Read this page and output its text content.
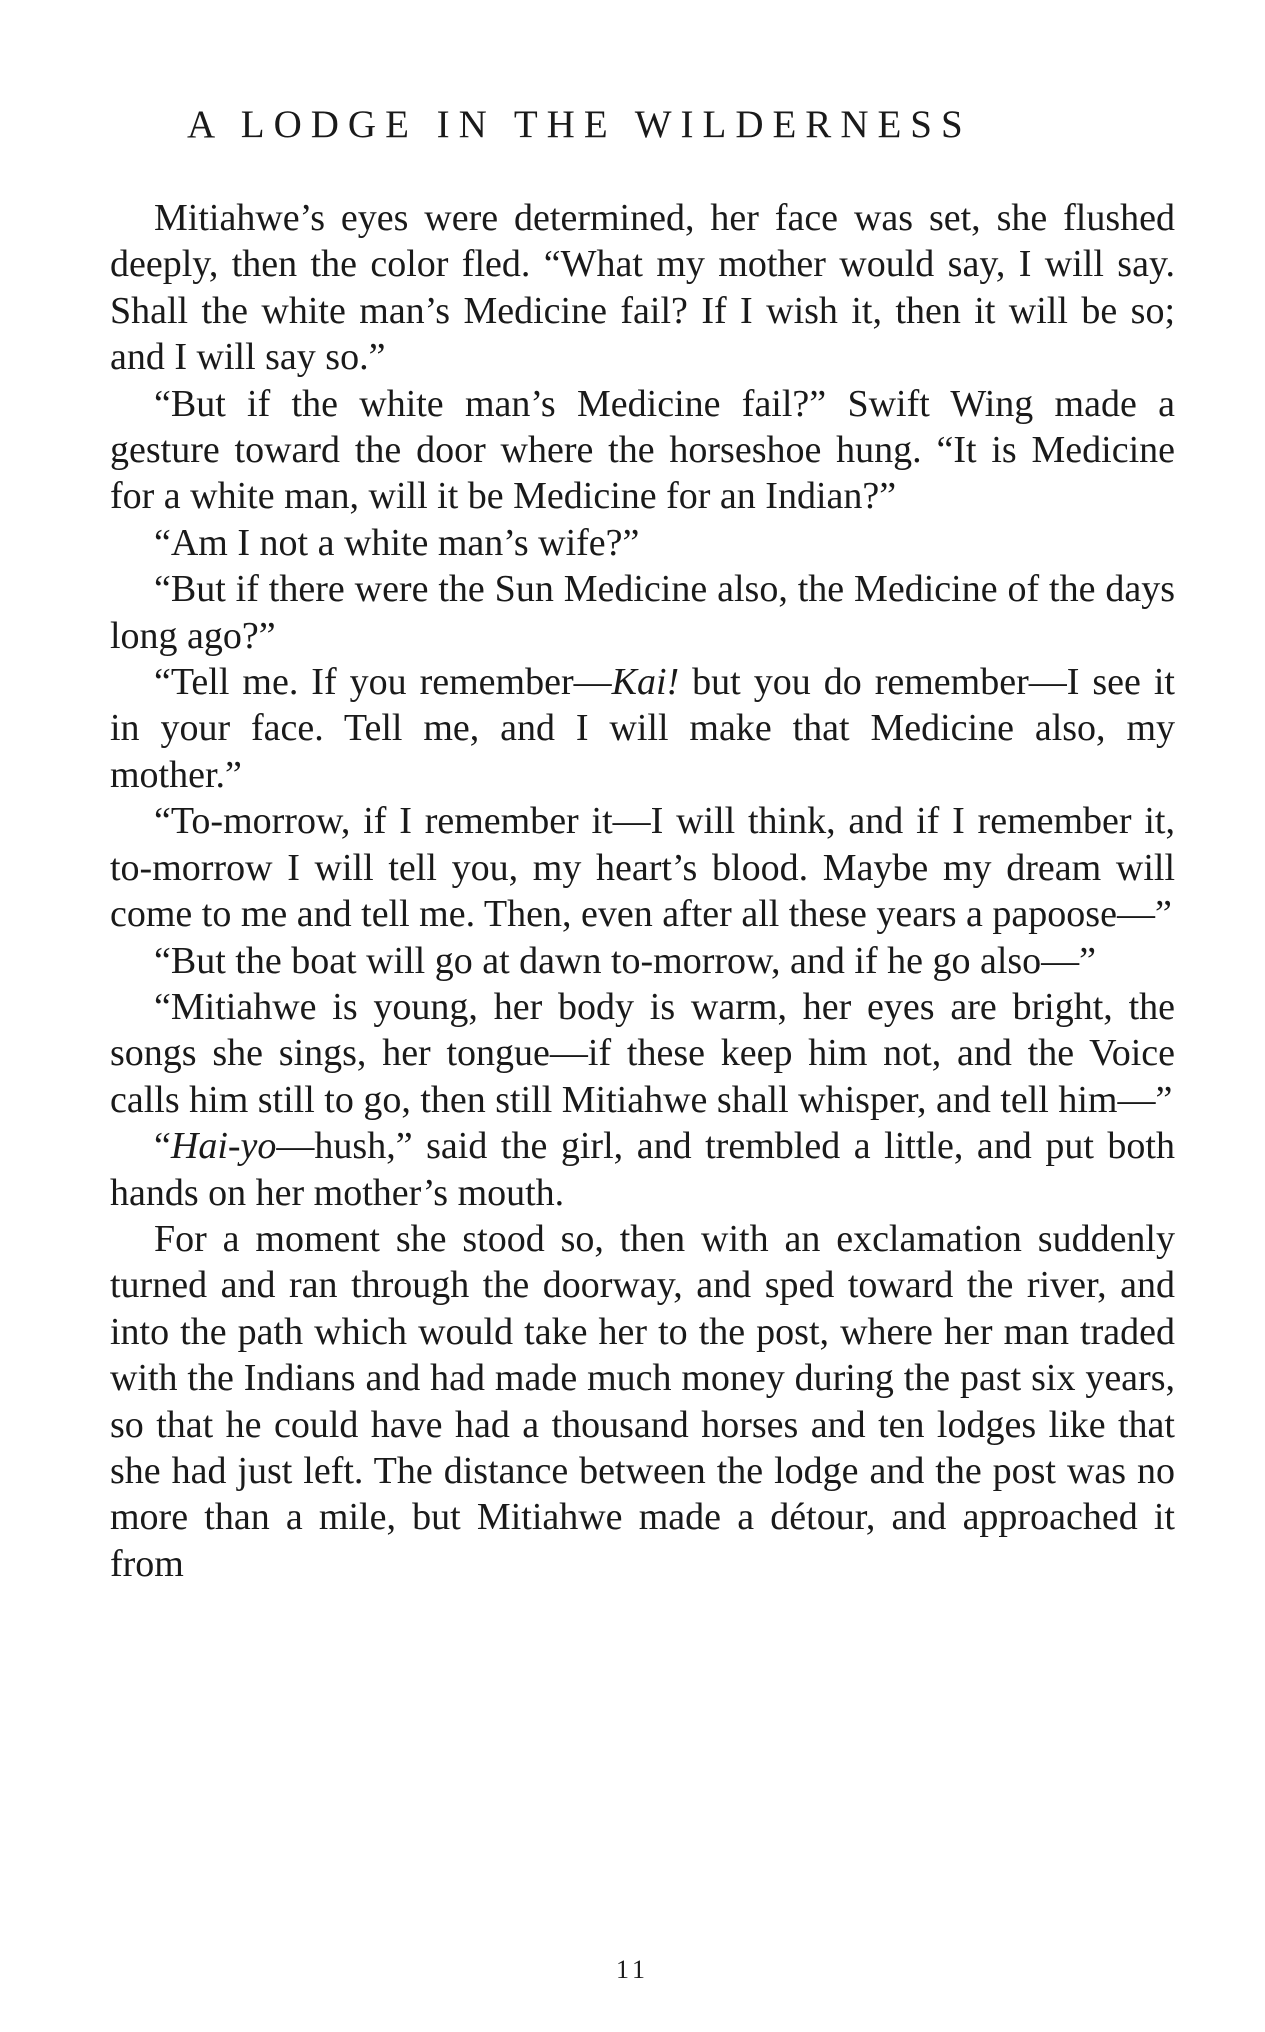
A LODGE IN THE WILDERNESS

Mitiahwe’s eyes were determined, her face was set, she flushed deeply, then the color fled. “What my mother would say, I will say. Shall the white man’s Medicine fail? If I wish it, then it will be so; and I will say so.”

“But if the white man’s Medicine fail?” Swift Wing made a gesture toward the door where the horseshoe hung. “It is Medicine for a white man, will it be Medicine for an Indian?”

“Am I not a white man’s wife?”

“But if there were the Sun Medicine also, the Medicine of the days long ago?”

“Tell me. If you remember—Kai! but you do remember—I see it in your face. Tell me, and I will make that Medicine also, my mother.”

“To-morrow, if I remember it—I will think, and if I remember it, to-morrow I will tell you, my heart’s blood. Maybe my dream will come to me and tell me. Then, even after all these years a papoose—”

“But the boat will go at dawn to-morrow, and if he go also—”

“Mitiahwe is young, her body is warm, her eyes are bright, the songs she sings, her tongue—if these keep him not, and the Voice calls him still to go, then still Mitiahwe shall whisper, and tell him—”

“Hai-yo—hush,” said the girl, and trembled a little, and put both hands on her mother’s mouth.

For a moment she stood so, then with an exclamation suddenly turned and ran through the doorway, and sped toward the river, and into the path which would take her to the post, where her man traded with the Indians and had made much money during the past six years, so that he could have had a thousand horses and ten lodges like that she had just left. The distance between the lodge and the post was no more than a mile, but Mitiahwe made a détour, and approached it from

11
